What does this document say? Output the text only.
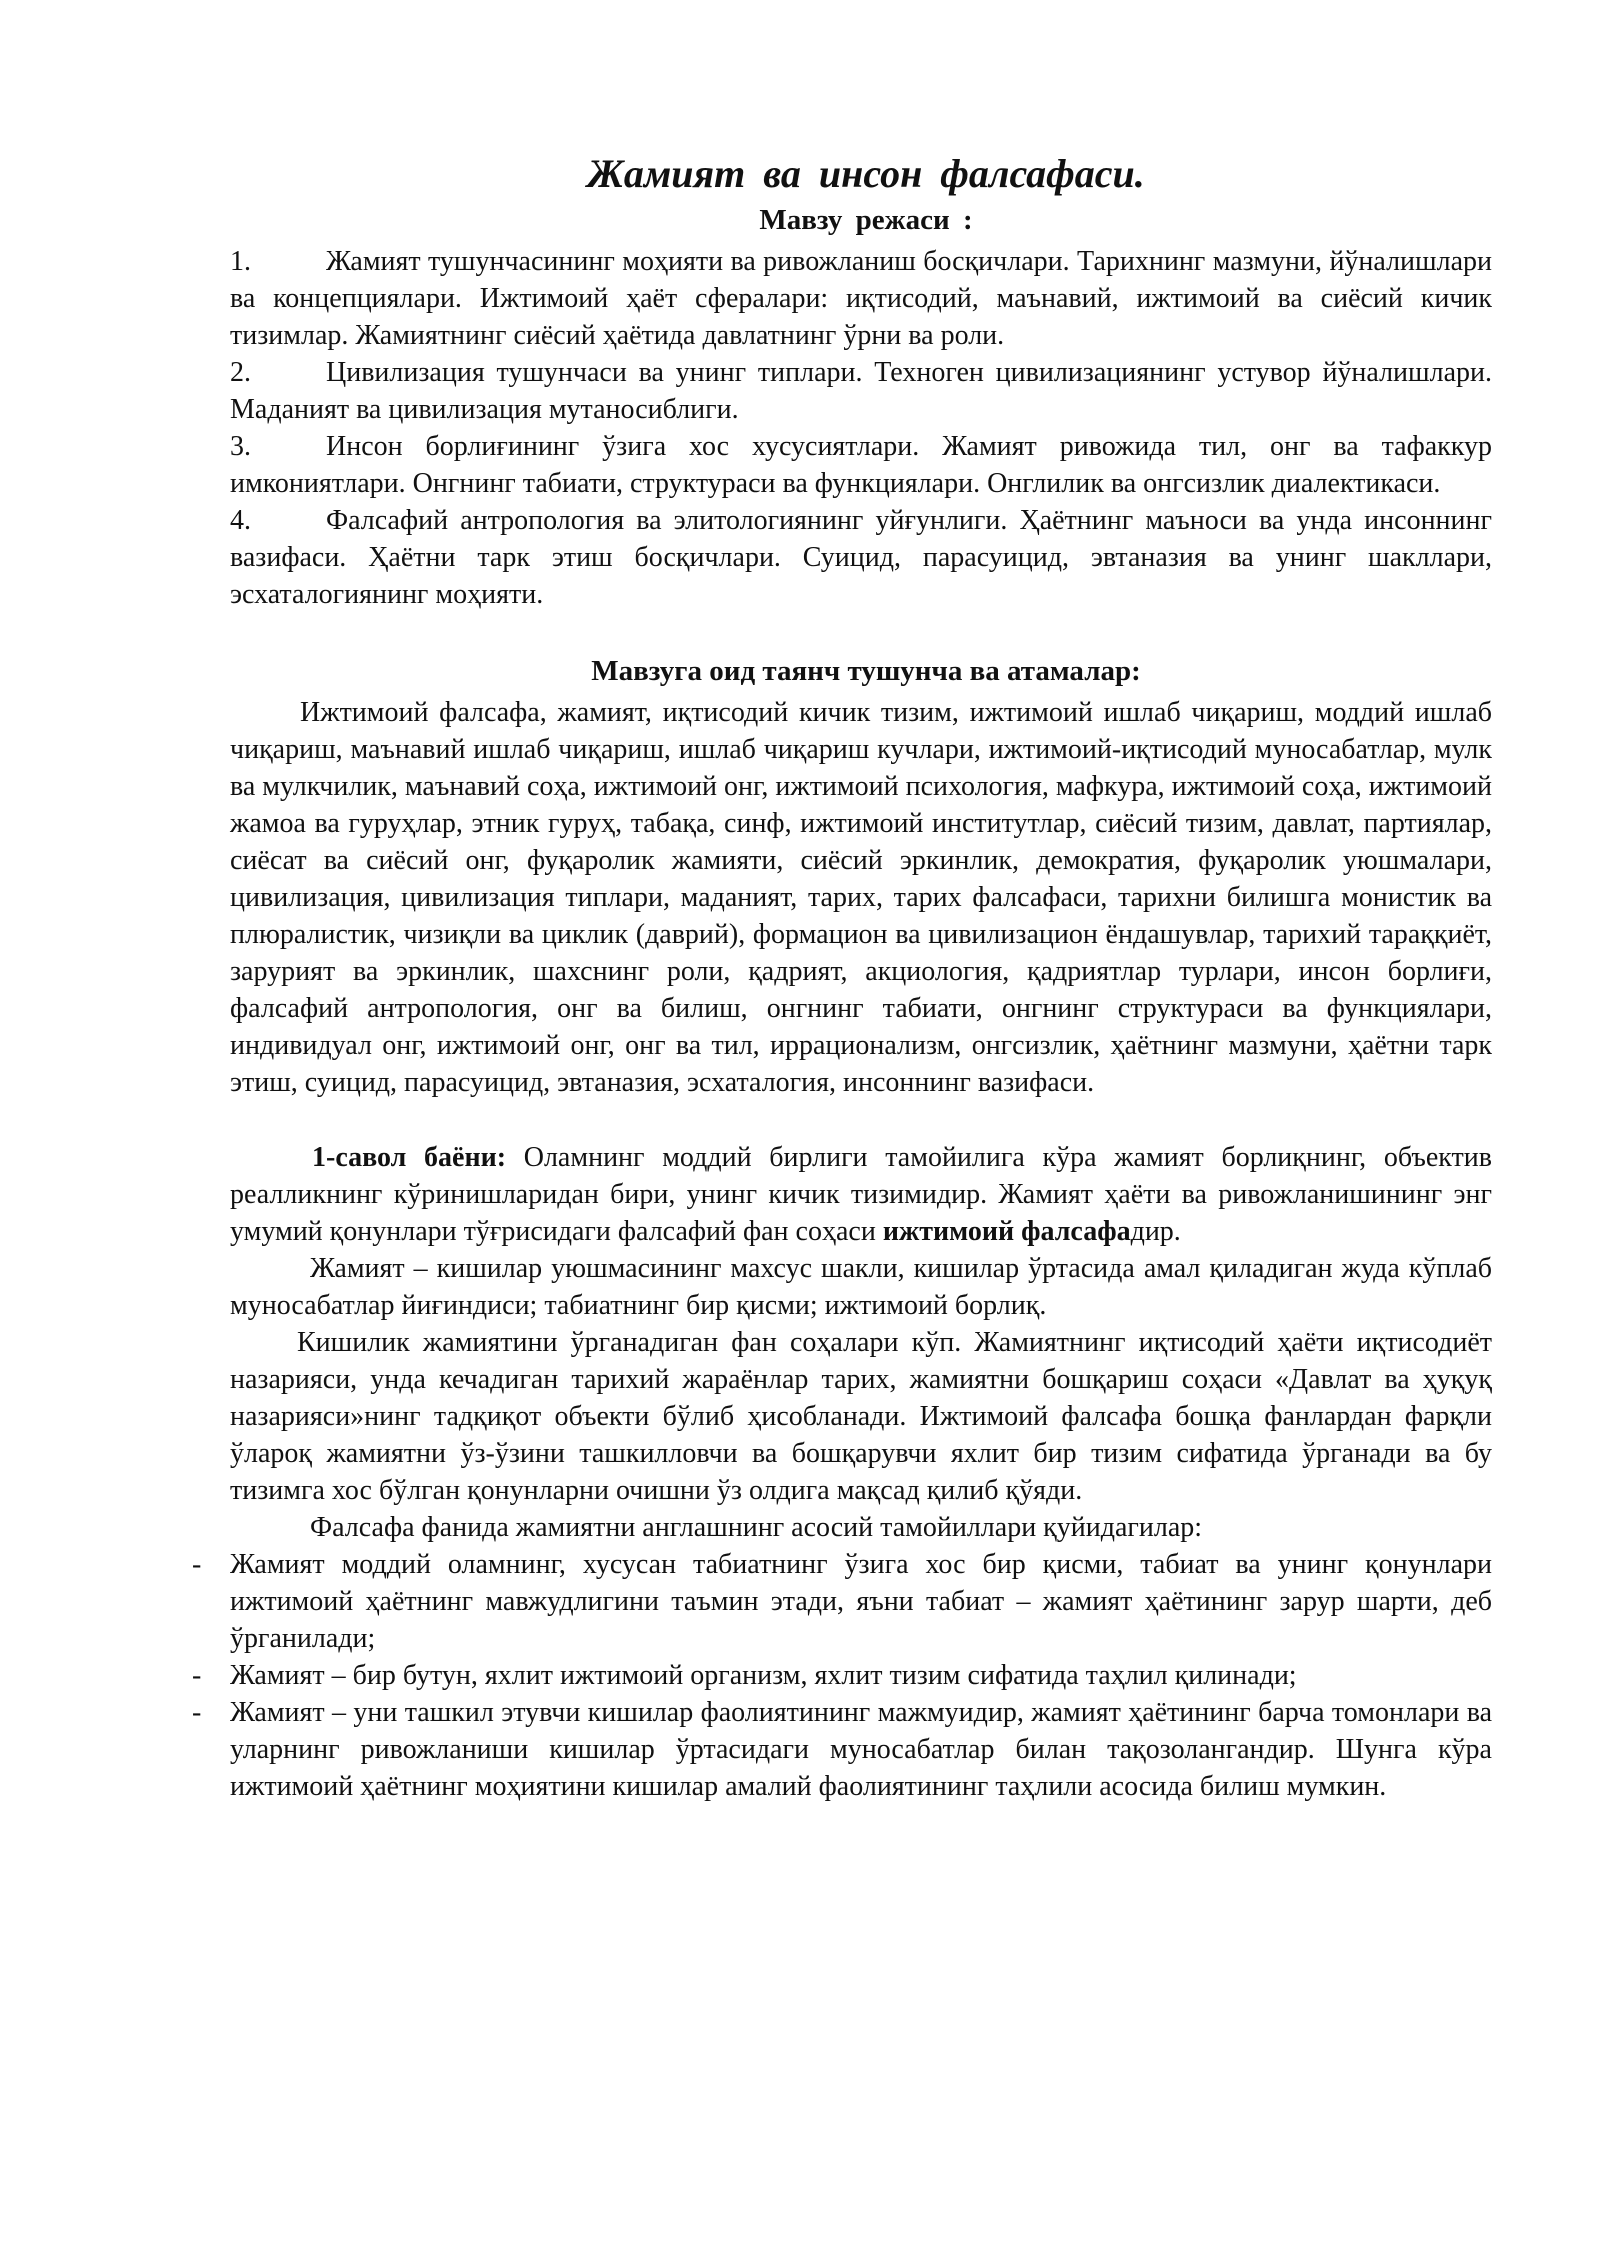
Жамият ва инсон фалсафаси.
Мавзу режаси :
1.	Жамият тушунчасининг моҳияти ва ривожланиш босқичлари. Тарихнинг мазмуни, йўналишлари ва концепциялари. Ижтимоий ҳаёт сфералари: иқтисодий, маънавий, ижтимоий ва сиёсий кичик тизимлар. Жамиятнинг сиёсий ҳаётида давлатнинг ўрни ва роли.
2.	Цивилизация тушунчаси ва унинг типлари. Техноген цивилизациянинг устувор йўналишлари. Маданият ва цивилизация мутаносиблиги.
3.	Инсон борлиғининг ўзига хос хусусиятлари. Жамият ривожида тил, онг ва тафаккур имкониятлари. Онгнинг табиати, структураси ва функциялари. Онглилик ва онгсизлик диалектикаси.
4.	Фалсафий антропология ва элитологиянинг уйғунлиги. Ҳаётнинг маъноси ва унда инсоннинг вазифаси. Ҳаётни тарк этиш босқичлари. Суицид, парасуицид, эвтаназия ва унинг шакллари, эсхаталогиянинг моҳияти.
Мавзуга оид таянч тушунча ва атамалар:

Ижтимоий фалсафа, жамият, иқтисодий кичик тизим, ижтимоий ишлаб чиқариш, моддий ишлаб чиқариш, маънавий ишлаб чиқариш, ишлаб чиқариш кучлари, ижтимоий-иқтисодий муносабатлар, мулк ва мулкчилик, маънавий соҳа, ижтимоий онг, ижтимоий психология, мафкура, ижтимоий соҳа, ижтимоий жамоа ва гуруҳлар, этник гуруҳ, табақа, синф, ижтимоий институтлар, сиёсий тизим, давлат, партиялар, сиёсат ва сиёсий онг, фуқаролик жамияти, сиёсий эркинлик, демократия, фуқаролик уюшмалари, цивилизация, цивилизация типлари, маданият, тарих, тарих фалсафаси, тарихни билишга монистик ва плюралистик, чизиқли ва циклик (даврий), формацион ва цивилизацион ёндашувлар, тарихий тараққиёт, зарурият ва эркинлик, шахснинг роли, қадрият, акциология, қадриятлар турлари, инсон борлиғи, фалсафий антропология, онг ва билиш, онгнинг табиати, онгнинг структураси ва функциялари, индивидуал онг, ижтимоий онг, онг ва тил, иррационализм, онгсизлик, ҳаётнинг мазмуни, ҳаётни тарк этиш, суицид, парасуицид, эвтаназия, эсхаталогия, инсоннинг вазифаси.

1-савол баёни: Оламнинг моддий бирлиги тамойилига кўра жамият борлиқнинг, объектив реалликнинг кўринишларидан бири, унинг кичик тизимидир. Жамият ҳаёти ва ривожланишининг энг умумий қонунлари тўғрисидаги фалсафий фан соҳаси ижтимоий фалсафадир.

Жамият – кишилар уюшмасининг махсус шакли, кишилар ўртасида амал қиладиган жуда кўплаб муносабатлар йиғиндиси; табиатнинг бир қисми; ижтимоий борлиқ.

Кишилик жамиятини ўрганадиган фан соҳалари кўп. Жамиятнинг иқтисодий ҳаёти иқтисодиёт назарияси, унда кечадиган тарихий жараёнлар тарих, жамиятни бошқариш соҳаси «Давлат ва ҳуқуқ назарияси»нинг тадқиқот объекти бўлиб ҳисобланади. Ижтимоий фалсафа бошқа фанлардан фарқли ўлароқ жамиятни ўз-ўзини ташкилловчи ва бошқарувчи яхлит бир тизим сифатида ўрганади ва бу тизимга хос бўлган қонунларни очишни ўз олдига мақсад қилиб қўяди.

Фалсафа фанида жамиятни англашнинг асосий тамойиллари қуйидагилар:

- Жамият моддий оламнинг, хусусан табиатнинг ўзига хос бир қисми, табиат ва унинг қонунлари ижтимоий ҳаётнинг мавжудлигини таъмин этади, яъни табиат – жамият ҳаётининг зарур шарти, деб ўрганилади;
- Жамият – бир бутун, яхлит ижтимоий организм, яхлит тизим сифатида таҳлил қилинади;
- Жамият – уни ташкил этувчи кишилар фаолиятининг мажмуидир, жамият ҳаётининг барча томонлари ва уларнинг ривожланиши кишилар ўртасидаги муносабатлар билан тақозолангандир. Шунга кўра ижтимоий ҳаётнинг моҳиятини кишилар амалий фаолиятининг таҳлили асосида билиш мумкин.
